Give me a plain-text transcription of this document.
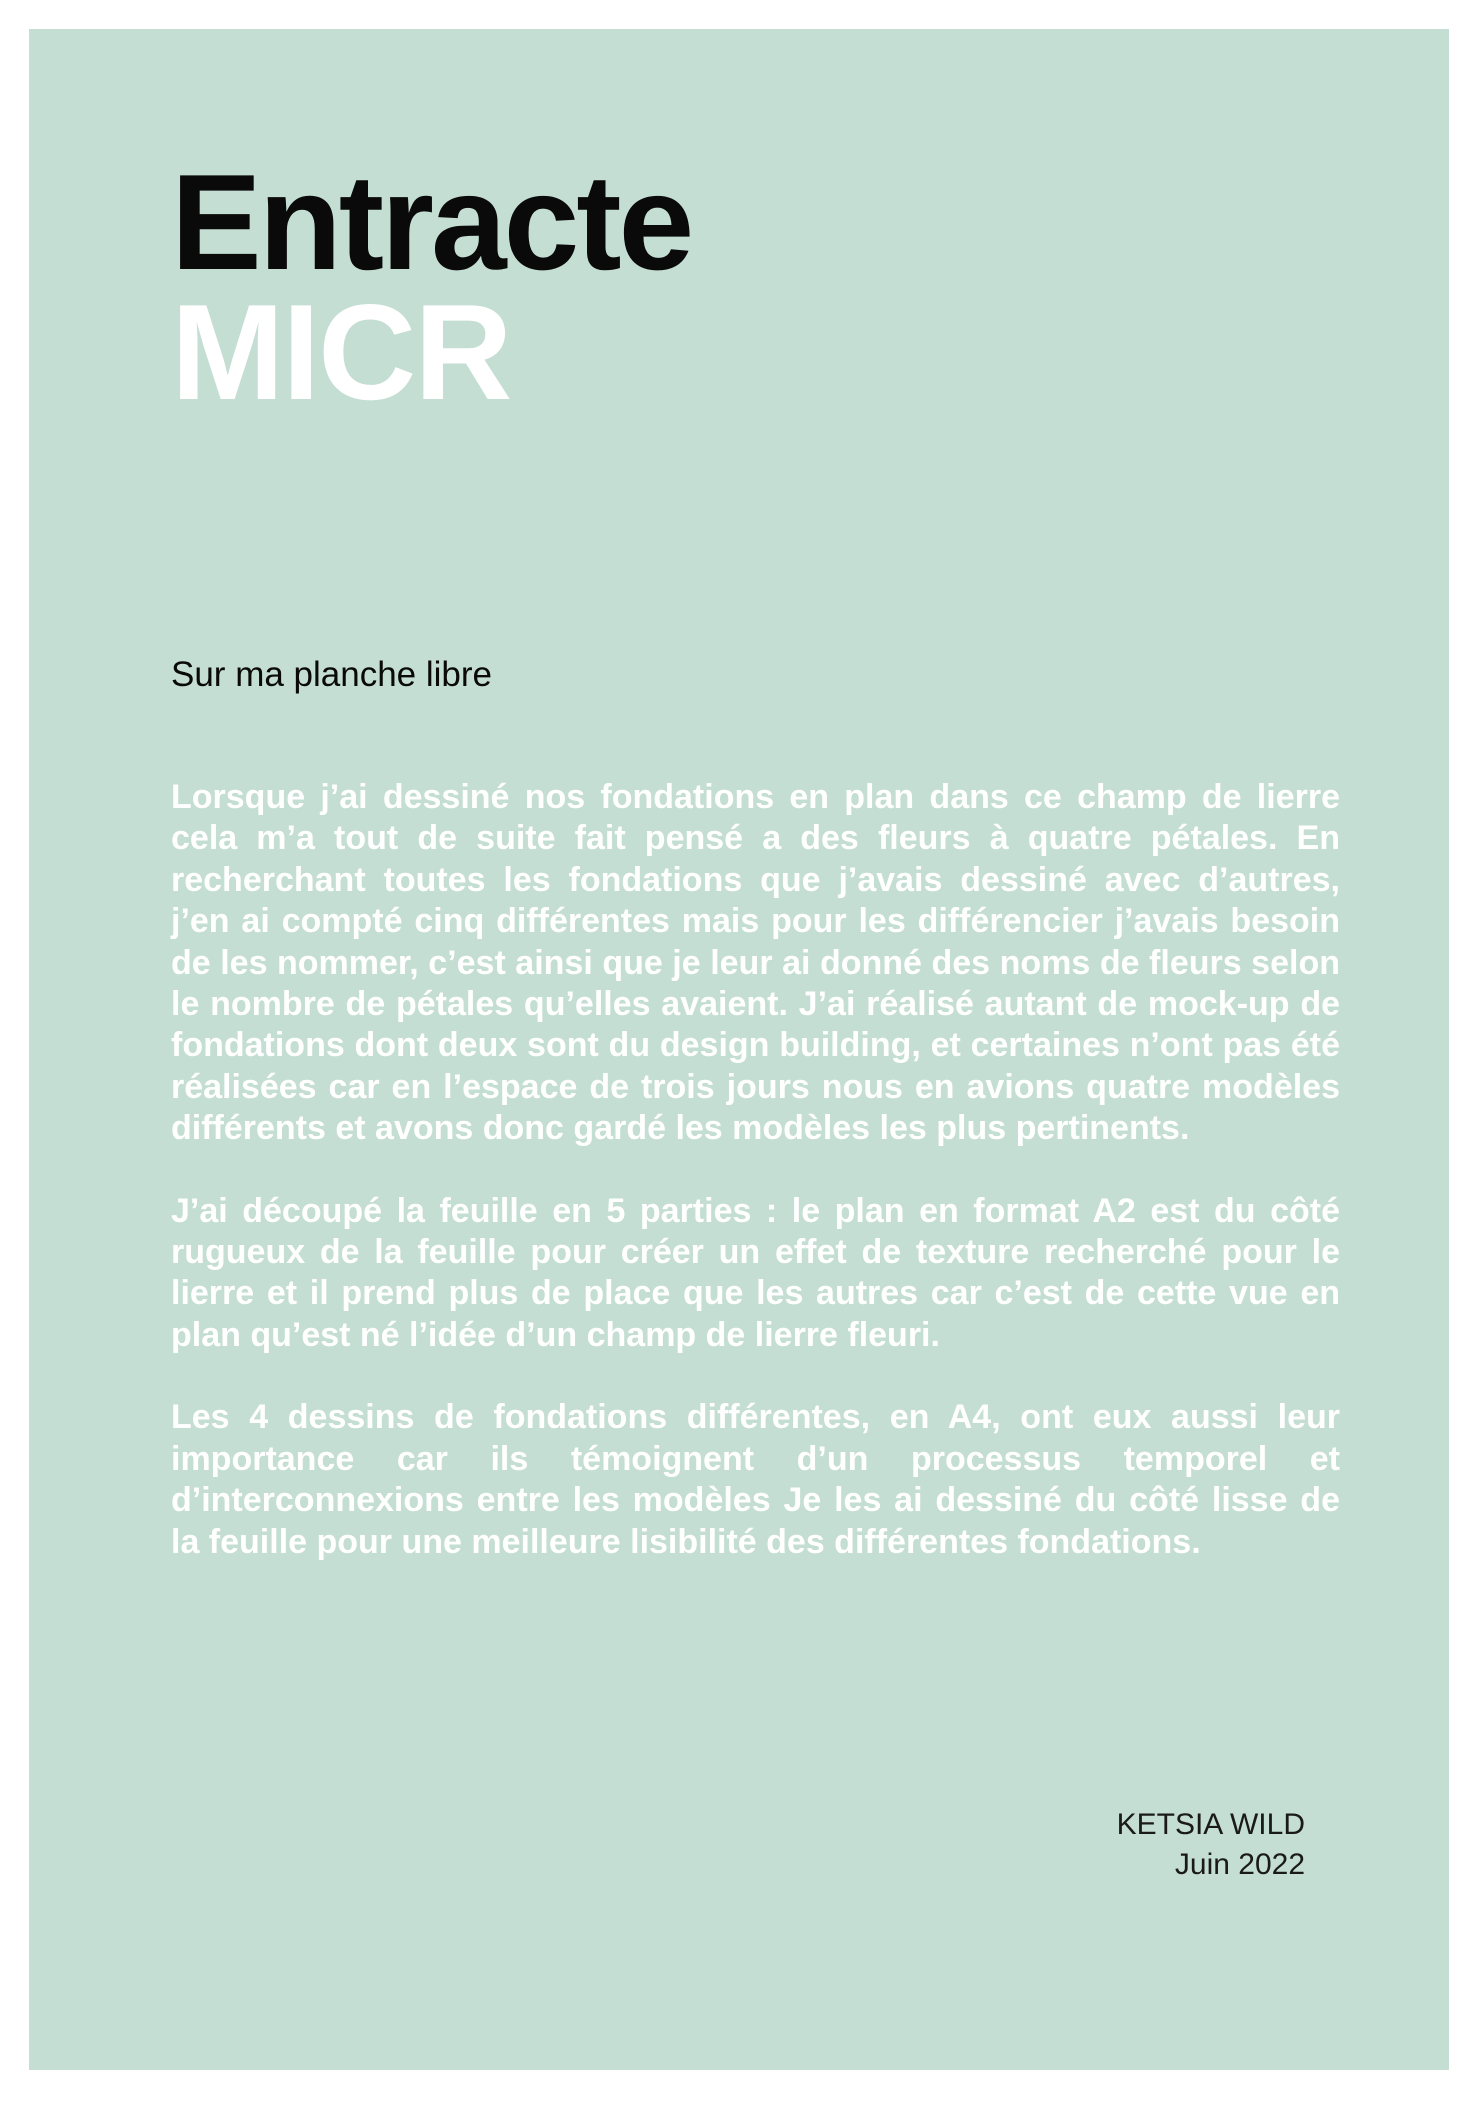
Entracte
MICR
Sur ma planche libre

Lorsque j’ai dessiné nos fondations en plan dans ce champ de lierre cela m’a tout de suite fait pensé a des fleurs à quatre pétales. En recherchant toutes les fondations que j’avais dessiné avec d’autres, j’en ai compté cinq différentes mais pour les différencier j’avais besoin de les nommer, c’est ainsi que je leur ai donné des noms de fleurs selon le nombre de pétales qu’elles avaient. J’ai réalisé autant de mock-up de fondations dont deux sont du design building, et certaines n’ont pas été réalisées car en l’espace de trois jours nous en avions quatre modèles différents et avons donc gardé les modèles les plus pertinents.

J’ai découpé la feuille en 5 parties : le plan en format A2 est du côté rugueux de la feuille pour créer un effet de texture recherché pour le lierre et il prend plus de place que les autres car c’est de cette vue en plan qu’est né l’idée d’un champ de lierre fleuri.

Les 4 dessins de fondations différentes, en A4, ont eux aussi leur importance car ils témoignent d’un processus temporel et d’interconnexions entre les modèles Je les ai dessiné du côté lisse de la feuille pour une meilleure lisibilité des différentes fondations.

KETSIA WILD
Juin 2022
